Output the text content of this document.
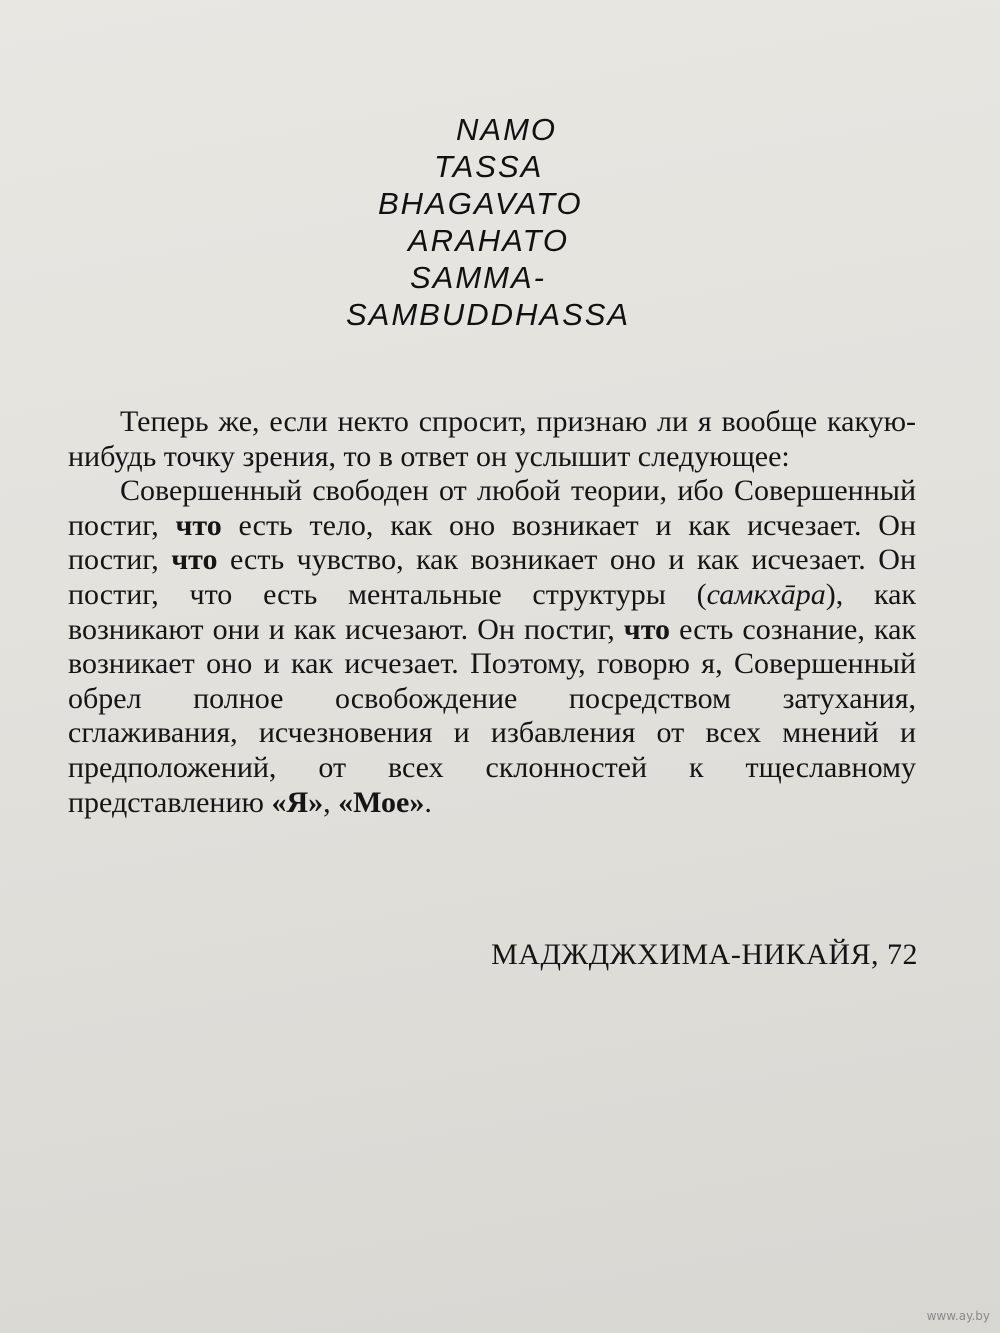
NAMO
TASSA
BHAGAVATO
ARAHATO
SAMMA-
SAMBUDDHASSA

Теперь же, если некто спросит, признаю ли я вообще какую-нибудь точку зрения, то в ответ он услышит следующее:

Совершенный свободен от любой теории, ибо Совершенный постиг, что есть тело, как оно возникает и как исчезает. Он постиг, что есть чувство, как возникает оно и как исчезает. Он постиг, что есть ментальные структуры (самкхāра), как возникают они и как исчезают. Он постиг, что есть сознание, как возникает оно и как исчезает. Поэтому, говорю я, Совершенный обрел полное освобождение посредством затухания, сглаживания, исчезновения и избавления от всех мнений и предположений, от всех склонностей к тщеславному представлению «Я», «Мое».

МАДЖДЖХИМА-НИКАЙЯ, 72
www.ay.by
